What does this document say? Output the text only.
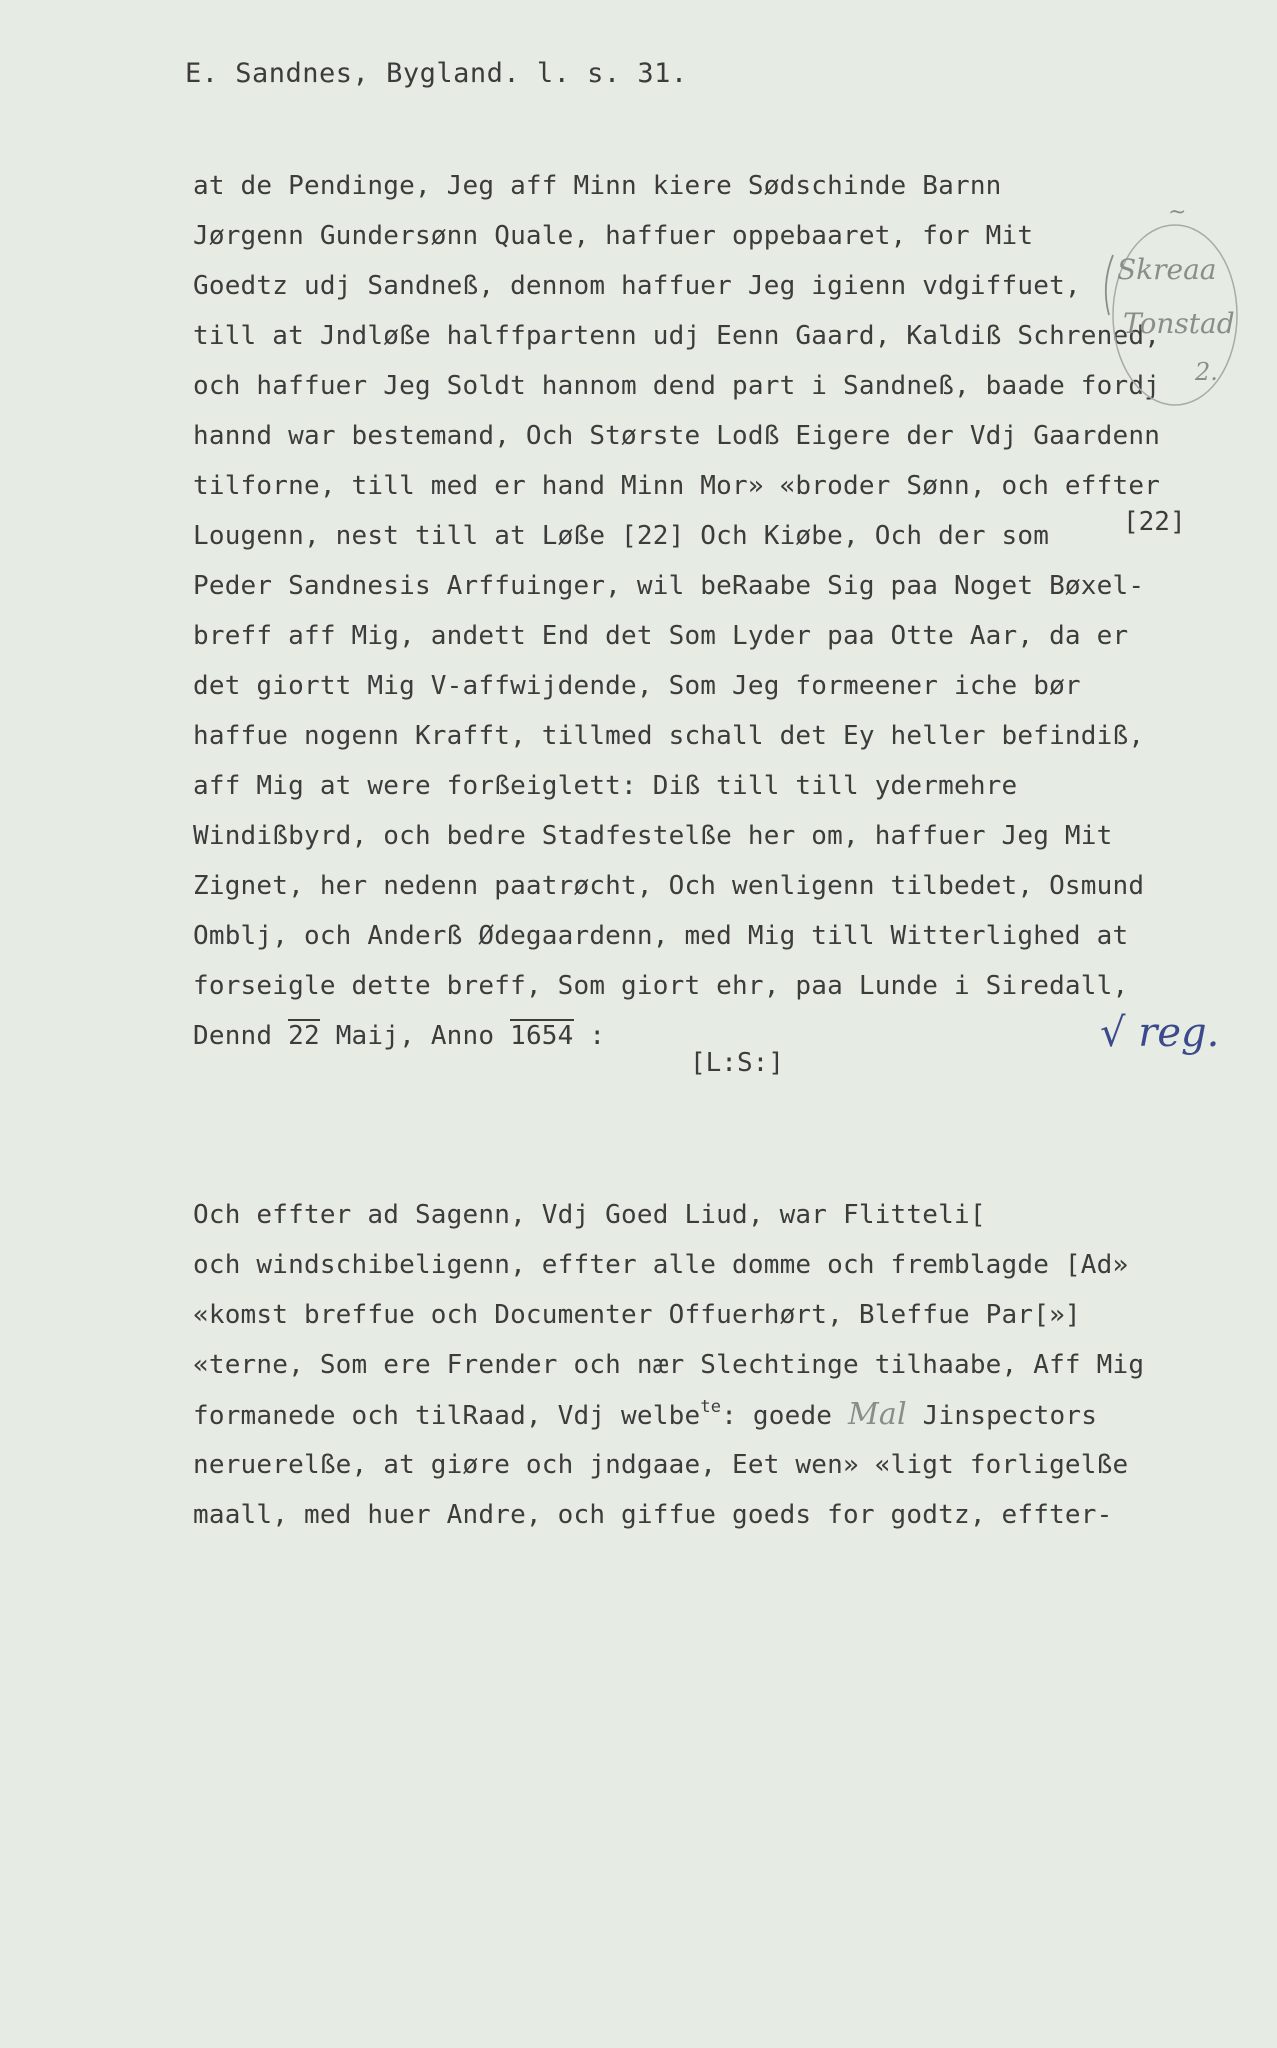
E. Sandnes, Bygland. l. s. 31.
at de Pendinge, Jeg aff Minn kiere Sødschinde Barnn
Jørgenn Gundersønn Quale, haffuer oppebaaret, for Mit
Goedtz udj Sandneß, dennom haffuer Jeg igienn vdgiffuet,
till at Jndløße halffpartenn udj Eenn Gaard, Kaldiß Schrened,
och haffuer Jeg Soldt hannom dend part i Sandneß, baade fordj
hannd war bestemand, Och Største Lodß Eigere der Vdj Gaardenn
tilforne, till med er hand Minn Mor» «broder Sønn, och effter
Lougenn, nest till at Løße [22] Och Kiøbe, Och der som
Peder Sandnesis Arffuinger, wil beRaabe Sig paa Noget Bøxel-
breff aff Mig, andett End det Som Lyder paa Otte Aar, da er
det giortt Mig V-affwijdende, Som Jeg formeener iche bør
haffue nogenn Krafft, tillmed schall det Ey heller befindiß,
aff Mig at were forßeiglett: Diß till till ydermehre
Windißbyrd, och bedre Stadfestelße her om, haffuer Jeg Mit
Zignet, her nedenn paatrøcht, Och wenligenn tilbedet, Osmund
Omblj, och Anderß Ødegaardenn, med Mig till Witterlighed at
forseigle dette breff, Som giort ehr, paa Lunde i Siredall,
Dennd 22 Maij, Anno 1654 :
[L:S:]
[22]
Och effter ad Sagenn, Vdj Goed Liud, war Flitteli[
och windschibeligenn, effter alle domme och fremblagde [Ad»
«komst breffue och Documenter Offuerhørt, Bleffue Par[»]
«terne, Som ere Frender och nær Slechtinge tilhaabe, Aff Mig
formanede och tilRaad, Vdj welbe$^{te}$: goede Mal Jinspectors
neruerelße, at giøre och jndgaae, Eet wen» «ligt forligelße
maall, med huer Andre, och giffue goeds for godtz, effter-
Skreaa
Tonstad
~
2.
√ reg.
